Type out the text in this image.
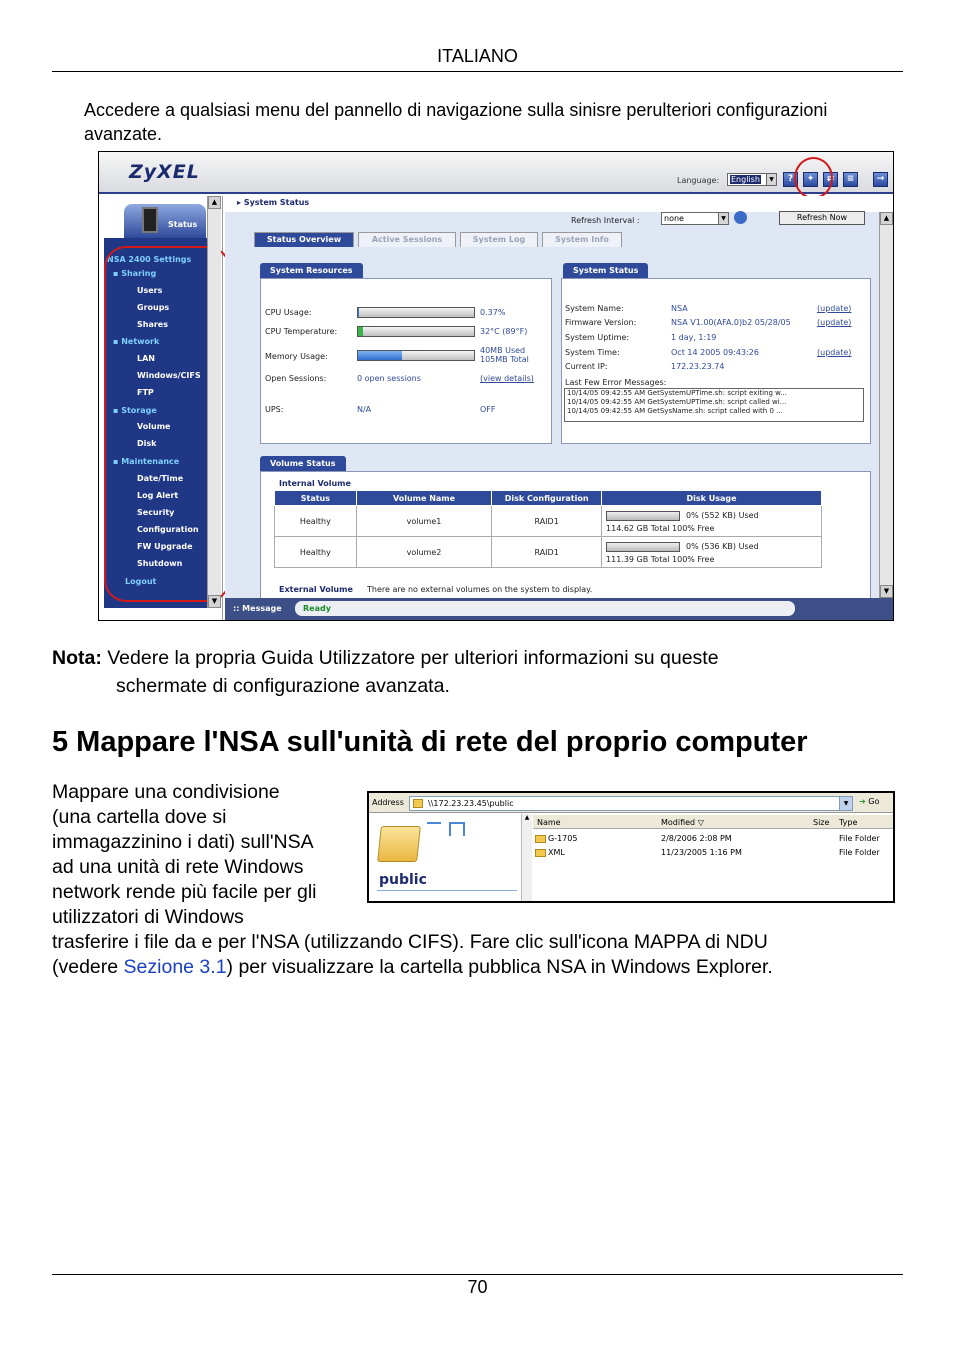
ITALIANO
Accedere a qualsiasi menu del pannello di navigazione sulla sinisre perulteriori configurazioni avanzate.
ZyXEL	Language:	English	▼	?	✦	⇄	≡	→
Status
NSA 2400 Settings
▪ Sharing
Users
Groups
Shares
▪ Network
LAN
Windows/CIFS
FTP
▪ Storage
Volume
Disk
▪ Maintenance
Date/Time
Log Alert
Security
Configuration
FW Upgrade
Shutdown
Logout
▲
▼
▸ System Status
Refresh Interval :	none	▼	Refresh Now
Status Overview	Active Sessions	System Log	System Info
System Resources
CPU Usage:	0.37%
CPU Temperature:	32°C (89°F)
Memory Usage:
40MB Used
105MB Total
Open Sessions:	0 open sessions	(view details)
UPS:	N/A	OFF
System Status
System Name:	NSA	(update)
Firmware Version:	NSA V1.00(AFA.0)b2 05/28/05	(update)
System Uptime:	1 day, 1:19
System Time:	Oct 14 2005 09:43:26	(update)
Current IP:	172.23.23.74
Last Few Error Messages:
10/14/05 09:42:55 AM GetSystemUPTime.sh: script exiting w...
10/14/05 09:42:55 AM GetSystemUPTime.sh: script called wi...
10/14/05 09:42:55 AM GetSysName.sh: script called with 0 ...
Volume Status
Internal Volume
Status	Volume Name	Disk Configuration	Disk Usage
Healthy	volume1	RAID1	0% (552 KB) Used
114.62 GB Total 100% Free

Healthy	volume2	RAID1	0% (536 KB) Used
111.39 GB Total 100% Free
External Volume There are no external volumes on the system to display.
▲
▼
:: Message	Ready
Nota: Vedere la propria Guida Utilizzatore per ulteriori informazioni su queste
schermate di configurazione avanzata.
5 Mappare l'NSA sull'unità di rete del proprio computer
Mappare una condivisione
(una cartella dove si
immagazzinino i dati) sull'NSA
ad una unità di rete Windows
network rende più facile per gli
utilizzatori di Windows
Address	\\172.23.23.45\public	▼	➜ Go
public
▲
Name	Modified ▽	Size Type
G-1705	2/8/2006 2:08 PM	File Folder
XML	11/23/2005 1:16 PM	File Folder
trasferire i file da e per l'NSA (utilizzando CIFS). Fare clic sull'icona MAPPA di NDU
(vedere Sezione 3.1) per visualizzare la cartella pubblica NSA in Windows Explorer.
70
